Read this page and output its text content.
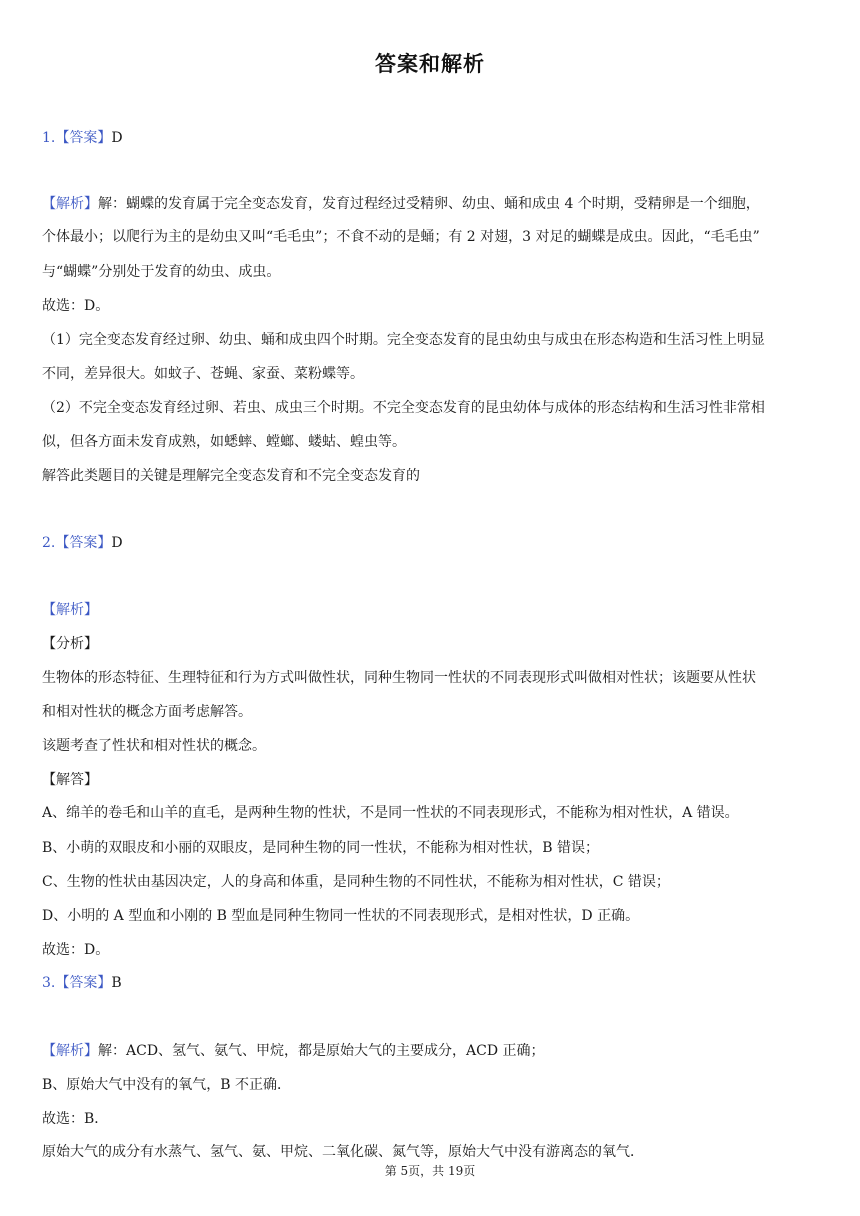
答案和解析
1.【答案】D
【解析】解：蝴蝶的发育属于完全变态发育，发育过程经过受精卵、幼虫、蛹和成虫 4 个时期，受精卵是一个细胞，
个体最小；以爬行为主的是幼虫又叫“毛毛虫”；不食不动的是蛹；有 2 对翅，3 对足的蝴蝶是成虫。因此，“毛毛虫”
与“蝴蝶”分别处于发育的幼虫、成虫。
故选：D。
（1）完全变态发育经过卵、幼虫、蛹和成虫四个时期。完全变态发育的昆虫幼虫与成虫在形态构造和生活习性上明显
不同，差异很大。如蚊子、苍蝇、家蚕、菜粉蝶等。
（2）不完全变态发育经过卵、若虫、成虫三个时期。不完全变态发育的昆虫幼体与成体的形态结构和生活习性非常相
似，但各方面未发育成熟，如蟋蟀、螳螂、蝼蛄、蝗虫等。
解答此类题目的关键是理解完全变态发育和不完全变态发育的
2.【答案】D
【解析】
【分析】
生物体的形态特征、生理特征和行为方式叫做性状，同种生物同一性状的不同表现形式叫做相对性状；该题要从性状
和相对性状的概念方面考虑解答。
该题考查了性状和相对性状的概念。
【解答】
A、绵羊的卷毛和山羊的直毛，是两种生物的性状，不是同一性状的不同表现形式，不能称为相对性状，A 错误。
B、小萌的双眼皮和小丽的双眼皮，是同种生物的同一性状，不能称为相对性状，B 错误；
C、生物的性状由基因决定，人的身高和体重，是同种生物的不同性状，不能称为相对性状，C 错误；
D、小明的 A 型血和小刚的 B 型血是同种生物同一性状的不同表现形式，是相对性状，D 正确。
故选：D。
3.【答案】B
【解析】解：ACD、氢气、氨气、甲烷，都是原始大气的主要成分，ACD 正确；
B、原始大气中没有的氧气，B 不正确．
故选：B．
原始大气的成分有水蒸气、氢气、氨、甲烷、二氧化碳、氮气等，原始大气中没有游离态的氧气．
第 5页，共 19页
